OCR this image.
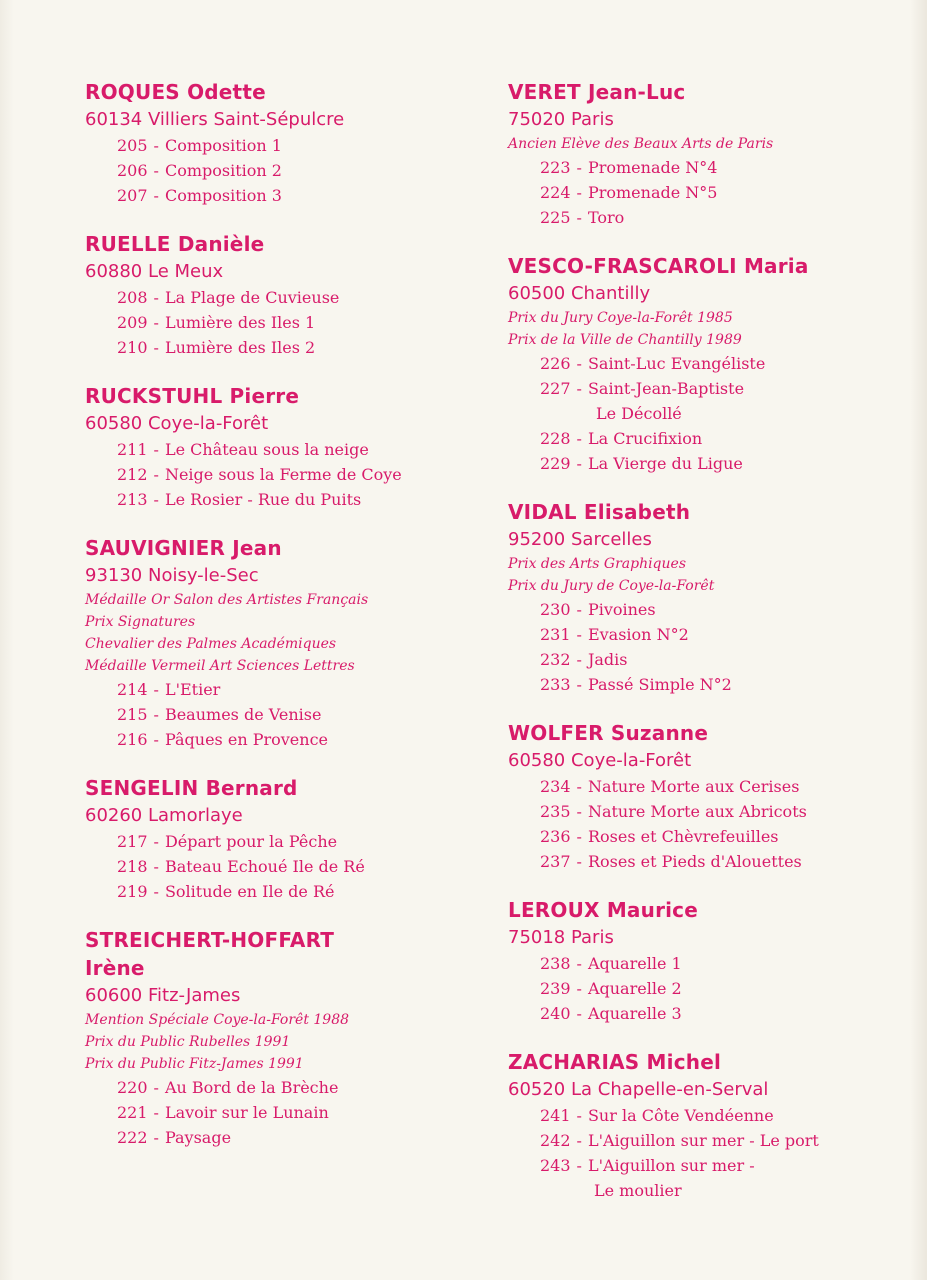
ROQUES Odette
60134 Villiers Saint-Sépulcre
205 - Composition 1
206 - Composition 2
207 - Composition 3
RUELLE Danièle
60880 Le Meux
208 - La Plage de Cuvieuse
209 - Lumière des Iles 1
210 - Lumière des Iles 2
RUCKSTUHL Pierre
60580 Coye-la-Forêt
211 - Le Château sous la neige
212 - Neige sous la Ferme de Coye
213 - Le Rosier - Rue du Puits
SAUVIGNIER Jean
93130 Noisy-le-Sec
Médaille Or Salon des Artistes Français
Prix Signatures
Chevalier des Palmes Académiques
Médaille Vermeil Art Sciences Lettres
214 - L'Etier
215 - Beaumes de Venise
216 - Pâques en Provence
SENGELIN Bernard
60260 Lamorlaye
217 - Départ pour la Pêche
218 - Bateau Echoué Ile de Ré
219 - Solitude en Ile de Ré
STREICHERT-HOFFART
Irène
60600 Fitz-James
Mention Spéciale Coye-la-Forêt 1988
Prix du Public Rubelles 1991
Prix du Public Fitz-James 1991
220 - Au Bord de la Brèche
221 - Lavoir sur le Lunain
222 - Paysage
VERET Jean-Luc
75020 Paris
Ancien Elève des Beaux Arts de Paris
223 - Promenade N°4
224 - Promenade N°5
225 - Toro
VESCO-FRASCAROLI Maria
60500 Chantilly
Prix du Jury Coye-la-Forêt 1985
Prix de la Ville de Chantilly 1989
226 - Saint-Luc Evangéliste
227 - Saint-Jean-Baptiste
Le Décollé
228 - La Crucifixion
229 - La Vierge du Ligue
VIDAL Elisabeth
95200 Sarcelles
Prix des Arts Graphiques
Prix du Jury de Coye-la-Forêt
230 - Pivoines
231 - Evasion N°2
232 - Jadis
233 - Passé Simple N°2
WOLFER Suzanne
60580 Coye-la-Forêt
234 - Nature Morte aux Cerises
235 - Nature Morte aux Abricots
236 - Roses et Chèvrefeuilles
237 - Roses et Pieds d'Alouettes
LEROUX Maurice
75018 Paris
238 - Aquarelle 1
239 - Aquarelle 2
240 - Aquarelle 3
ZACHARIAS Michel
60520 La Chapelle-en-Serval
241 - Sur la Côte Vendéenne
242 - L'Aiguillon sur mer - Le port
243 - L'Aiguillon sur mer -
Le moulier
